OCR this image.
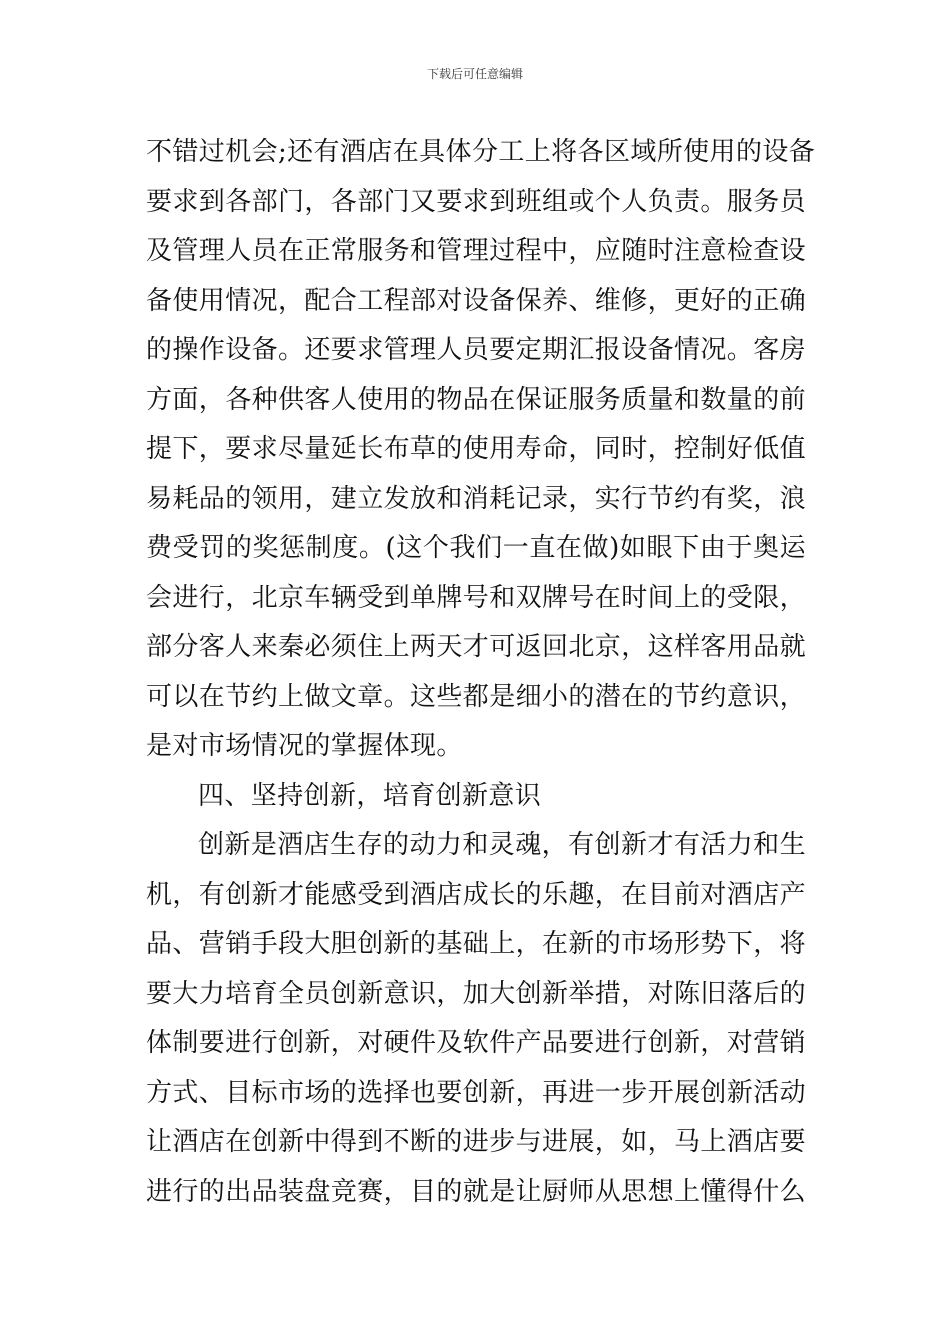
下载后可任意编辑
不错过机会;还有酒店在具体分工上将各区域所使用的设备
要求到各部门，各部门又要求到班组或个人负责。服务员
及管理人员在正常服务和管理过程中，应随时注意检查设
备使用情况，配合工程部对设备保养、维修，更好的正确
的操作设备。还要求管理人员要定期汇报设备情况。客房
方面，各种供客人使用的物品在保证服务质量和数量的前
提下，要求尽量延长布草的使用寿命，同时，控制好低值
易耗品的领用，建立发放和消耗记录，实行节约有奖，浪
费受罚的奖惩制度。(这个我们一直在做)如眼下由于奥运
会进行，北京车辆受到单牌号和双牌号在时间上的受限，
部分客人来秦必须住上两天才可返回北京，这样客用品就
可以在节约上做文章。这些都是细小的潜在的节约意识，
是对市场情况的掌握体现。
四、坚持创新，培育创新意识
创新是酒店生存的动力和灵魂，有创新才有活力和生
机，有创新才能感受到酒店成长的乐趣，在目前对酒店产
品、营销手段大胆创新的基础上，在新的市场形势下，将
要大力培育全员创新意识，加大创新举措，对陈旧落后的
体制要进行创新，对硬件及软件产品要进行创新，对营销
方式、目标市场的选择也要创新，再进一步开展创新活动
让酒店在创新中得到不断的进步与进展，如，马上酒店要
进行的出品装盘竞赛，目的就是让厨师从思想上懂得什么
